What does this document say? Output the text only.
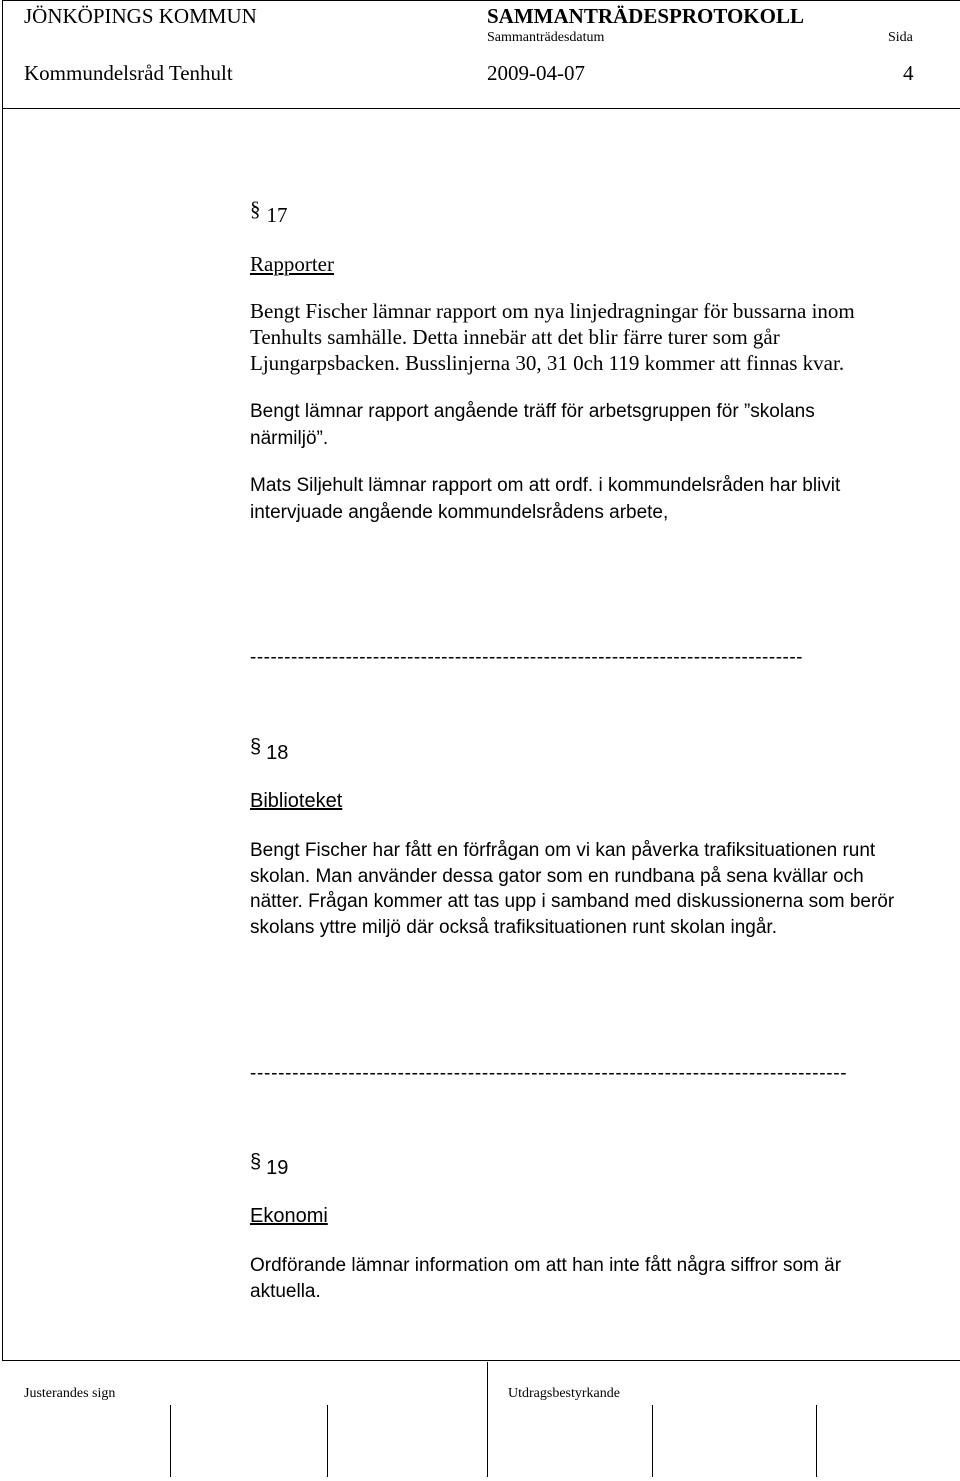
JÖNKÖPINGS KOMMUN	SAMMANTRÄDESPROTOKOLL
Sammanträdesdatum	Sida
Kommundelsråd Tenhult	2009-04-07	4
§ 17
Rapporter

Bengt Fischer lämnar rapport om nya linjedragningar för bussarna inom

Tenhults samhälle. Detta innebär att det blir färre turer som går

Ljungarpsbacken. Busslinjerna 30, 31 0ch 119 kommer att finnas kvar.

Bengt lämnar rapport angående träff för arbetsgruppen för ”skolans

närmiljö”.

Mats Siljehult lämnar rapport om att ordf. i kommundelsråden har blivit

intervjuade angående kommundelsrådens arbete,

---------------------------------------------------------------------------------
§ 18
Biblioteket

Bengt Fischer har fått en förfrågan om vi kan påverka trafiksituationen runt

skolan. Man använder dessa gator som en rundbana på sena kvällar och

nätter. Frågan kommer att tas upp i samband med diskussionerna som berör

skolans yttre miljö där också trafiksituationen runt skolan ingår.

-------------------------------------------------------------------------------------
§ 19
Ekonomi

Ordförande lämnar information om att han inte fått några siffror som är

aktuella.

Justerandes sign	Utdragsbestyrkande
